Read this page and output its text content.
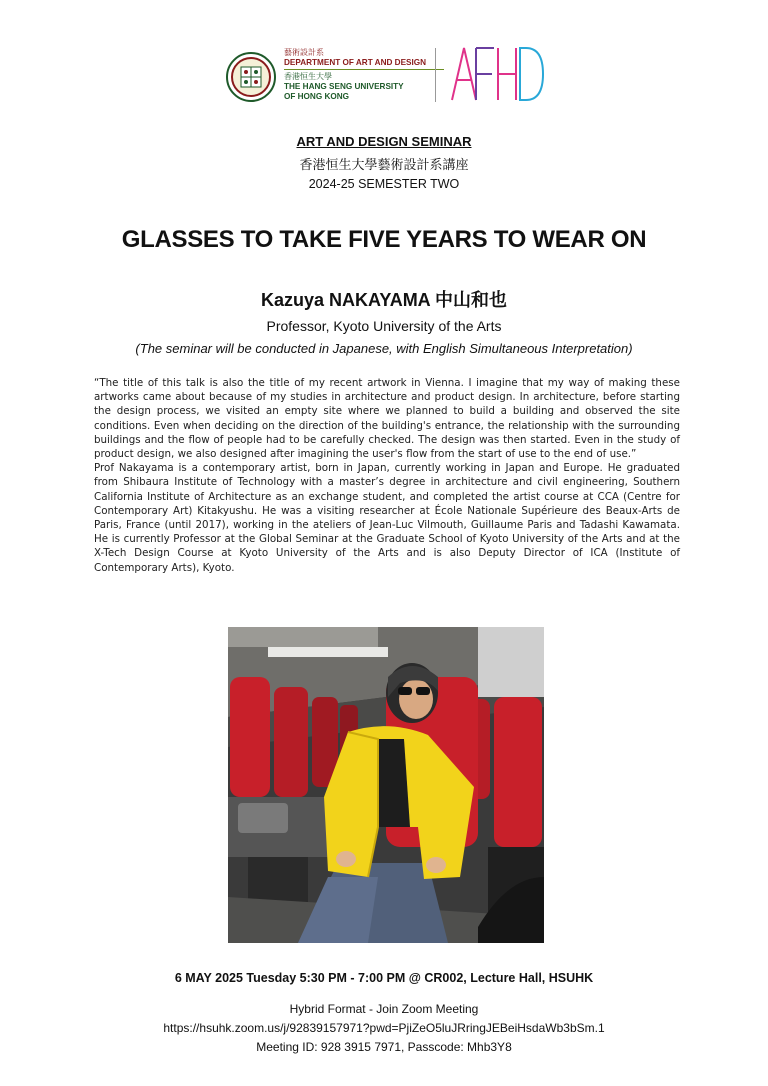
藝術設計系
DEPARTMENT OF ART AND DESIGN
香港恒生大學
THE HANG SENG UNIVERSITY
OF HONG KONG
ART AND DESIGN SEMINAR
香港恒生大學藝術設計系講座
2024-25 SEMESTER TWO
GLASSES TO TAKE FIVE YEARS TO WEAR ON
Kazuya NAKAYAMA 中山和也
Professor, Kyoto University of the Arts
(The seminar will be conducted in Japanese, with English Simultaneous Interpretation)

“The title of this talk is also the title of my recent artwork in Vienna. I imagine that my way of making these artworks came about because of my studies in architecture and product design. In architecture, before starting the design process, we visited an empty site where we planned to build a building and observed the site conditions. Even when deciding on the direction of the building's entrance, the relationship with the surrounding buildings and the flow of people had to be carefully checked. The design was then started. Even in the study of product design, we also designed after imagining the user's flow from the start of use to the end of use.”

Prof Nakayama is a contemporary artist, born in Japan, currently working in Japan and Europe. He graduated from Shibaura Institute of Technology with a master’s degree in architecture and civil engineering, Southern California Institute of Architecture as an exchange student, and completed the artist course at CCA (Centre for Contemporary Art) Kitakyushu. He was a visiting researcher at École Nationale Supérieure des Beaux-Arts de Paris, France (until 2017), working in the ateliers of Jean-Luc Vilmouth, Guillaume Paris and Tadashi Kawamata. He is currently Professor at the Global Seminar at the Graduate School of Kyoto University of the Arts and at the X-Tech Design Course at Kyoto University of the Arts and is also Deputy Director of ICA (Institute of Contemporary Arts), Kyoto.

6 MAY 2025 Tuesday 5:30 PM - 7:00 PM @ CR002, Lecture Hall, HSUHK
Hybrid Format - Join Zoom Meeting
https://hsuhk.zoom.us/j/92839157971?pwd=PjiZeO5luJRringJEBeiHsdaWb3bSm.1
Meeting ID: 928 3915 7971, Passcode: Mhb3Y8
